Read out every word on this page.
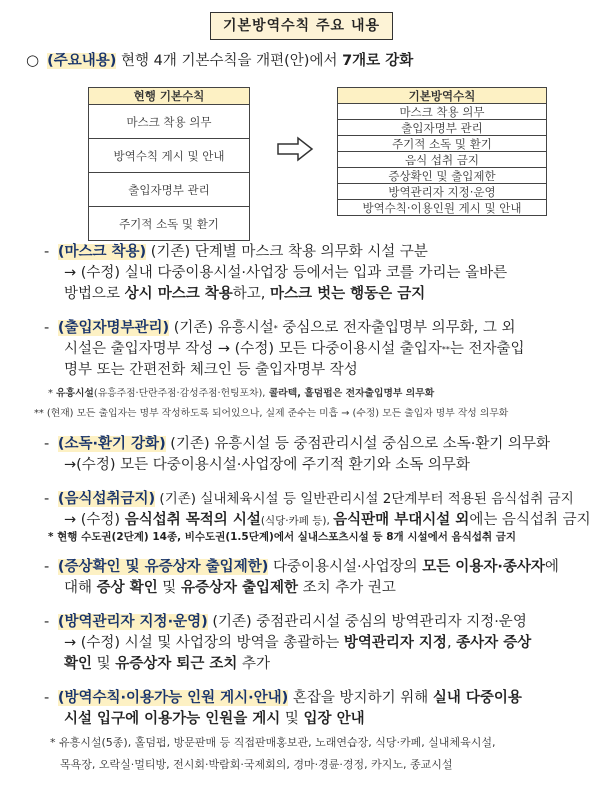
기본방역수칙 주요 내용
○ (주요내용) 현행 4개 기본수칙을 개편(안)에서 7개로 강화
현행 기본수칙
마스크 착용 의무
방역수칙 게시 및 안내
출입자명부 관리
주기적 소독 및 환기
기본방역수칙
마스크 착용 의무
출입자명부 관리
주기적 소독 및 환기
음식 섭취 금지
증상확인 및 출입제한
방역관리자 지정·운영
방역수칙·이용인원 게시 및 안내
- (마스크 착용) (기존) 단계별 마스크 착용 의무화 시설 구분
→ (수정) 실내 다중이용시설·사업장 등에서는 입과 코를 가리는 올바른
방법으로 상시 마스크 착용하고, 마스크 벗는 행동은 금지
- (출입자명부관리) (기존) 유흥시설* 중심으로 전자출입명부 의무화, 그 외
시설은 출입자명부 작성 → (수정) 모든 다중이용시설 출입자**는 전자출입
명부 또는 간편전화 체크인 등 출입자명부 작성
* 유흥시설(유흥주점·단란주점·감성주점·헌팅포차), 콜라텍, 홀덤펍은 전자출입명부 의무화
** (현재) 모든 출입자는 명부 작성하도록 되어있으나, 실제 준수는 미흡 → (수정) 모든 출입자 명부 작성 의무화
- (소독·환기 강화) (기존) 유흥시설 등 중점관리시설 중심으로 소독·환기 의무화
→(수정) 모든 다중이용시설·사업장에 주기적 환기와 소독 의무화
- (음식섭취금지) (기존) 실내체육시설 등 일반관리시설 2단계부터 적용된 음식섭취 금지
→ (수정) 음식섭취 목적의 시설(식당·카페 등), 음식판매 부대시설 외에는 음식섭취 금지
* 현행 수도권(2단계) 14종, 비수도권(1.5단계)에서 실내스포츠시설 등 8개 시설에서 음식섭취 금지
- (증상확인 및 유증상자 출입제한) 다중이용시설·사업장의 모든 이용자·종사자에
대해 증상 확인 및 유증상자 출입제한 조치 추가 권고
- (방역관리자 지정·운영) (기존) 중점관리시설 중심의 방역관리자 지정·운영
→ (수정) 시설 및 사업장의 방역을 총괄하는 방역관리자 지정, 종사자 증상
확인 및 유증상자 퇴근 조치 추가
- (방역수칙·이용가능 인원 게시·안내) 혼잡을 방지하기 위해 실내 다중이용
시설 입구에 이용가능 인원을 게시 및 입장 안내
* 유흥시설(5종), 홀덤펍, 방문판매 등 직접판매홍보관, 노래연습장, 식당·카페, 실내체육시설,
목욕장, 오락실·멀티방, 전시회·박람회·국제회의, 경마·경륜·경정, 카지노, 종교시설
